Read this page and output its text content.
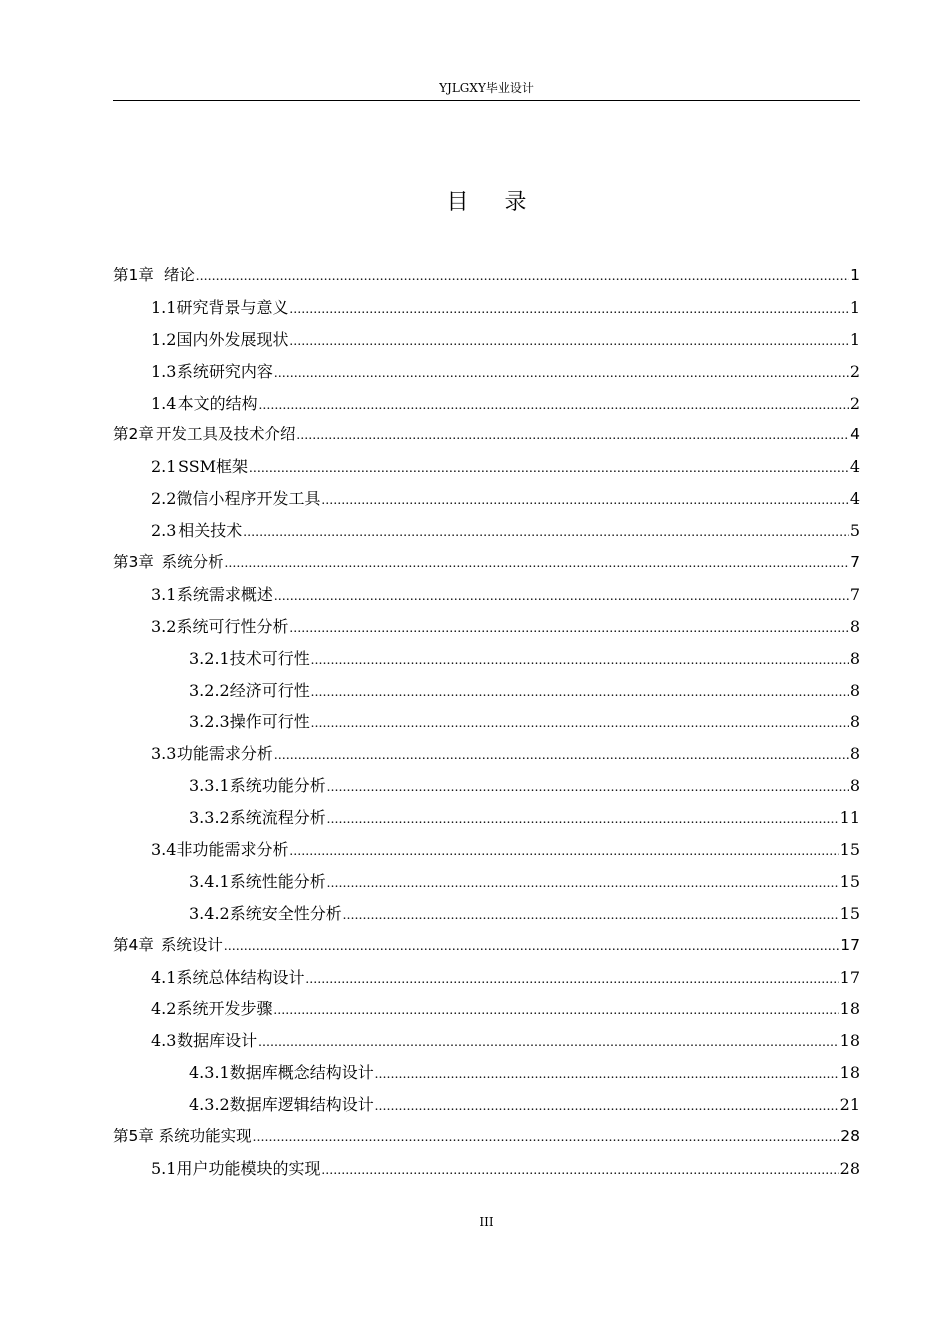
YJLGXY毕业设计
目 录
第1章 绪论 .....	1
1.1 研究背景与意义 .....	1
1.2 国内外发展现状 .....	1
1.3 系统研究内容 .....	2
1.4 本文的结构 .....	2
第2章 开发工具及技术介绍 .....	4
2.1 SSM框架 .....	4
2.2 微信小程序开发工具 .....	4
2.3 相关技术 .....	5
第3章 系统分析 .....	7
3.1 系统需求概述 .....	7
3.2 系统可行性分析 .....	8
3.2.1 技术可行性 .....	8
3.2.2 经济可行性 .....	8
3.2.3 操作可行性 .....	8
3.3 功能需求分析 .....	8
3.3.1 系统功能分析 .....	8
3.3.2 系统流程分析 .....	11
3.4 非功能需求分析 .....	15
3.4.1 系统性能分析 .....	15
3.4.2 系统安全性分析 .....	15
第4章 系统设计 .....	17
4.1 系统总体结构设计 .....	17
4.2 系统开发步骤 .....	18
4.3 数据库设计 .....	18
4.3.1 数据库概念结构设计 .....	18
4.3.2 数据库逻辑结构设计 .....	21
第5章 系统功能实现 .....	28
5.1 用户功能模块的实现 .....	28
III
